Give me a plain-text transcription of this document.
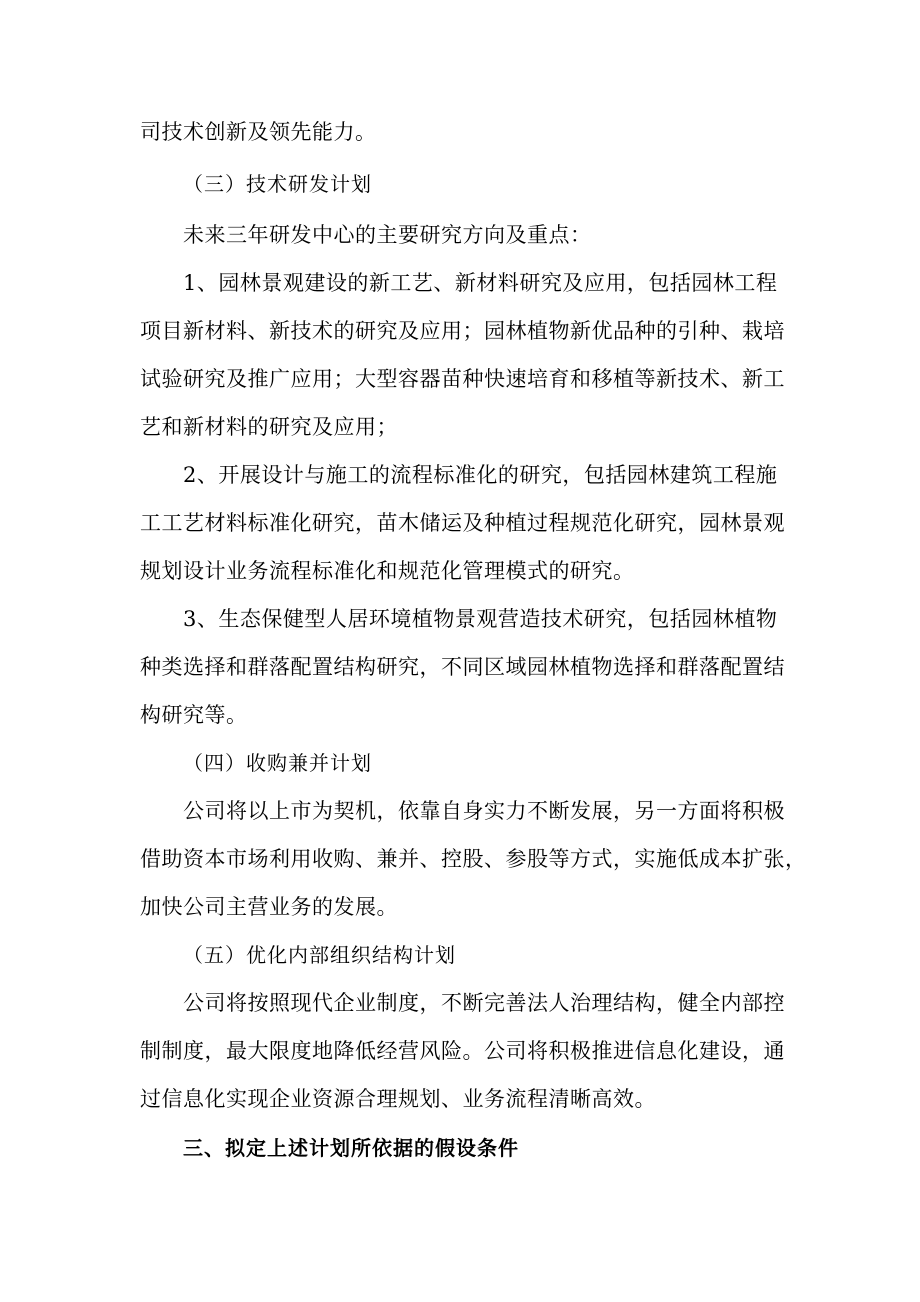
司技术创新及领先能力。
（三）技术研发计划
未来三年研发中心的主要研究方向及重点：
1、园林景观建设的新工艺、新材料研究及应用，包括园林工程
项目新材料、新技术的研究及应用；园林植物新优品种的引种、栽培
试验研究及推广应用；大型容器苗种快速培育和移植等新技术、新工
艺和新材料的研究及应用；
2、开展设计与施工的流程标准化的研究，包括园林建筑工程施
工工艺材料标准化研究，苗木储运及种植过程规范化研究，园林景观
规划设计业务流程标准化和规范化管理模式的研究。
3、生态保健型人居环境植物景观营造技术研究，包括园林植物
种类选择和群落配置结构研究，不同区域园林植物选择和群落配置结
构研究等。
（四）收购兼并计划
公司将以上市为契机，依靠自身实力不断发展，另一方面将积极
借助资本市场利用收购、兼并、控股、参股等方式，实施低成本扩张，
加快公司主营业务的发展。
（五）优化内部组织结构计划
公司将按照现代企业制度，不断完善法人治理结构，健全内部控
制制度，最大限度地降低经营风险。公司将积极推进信息化建设，通
过信息化实现企业资源合理规划、业务流程清晰高效。
三、拟定上述计划所依据的假设条件
